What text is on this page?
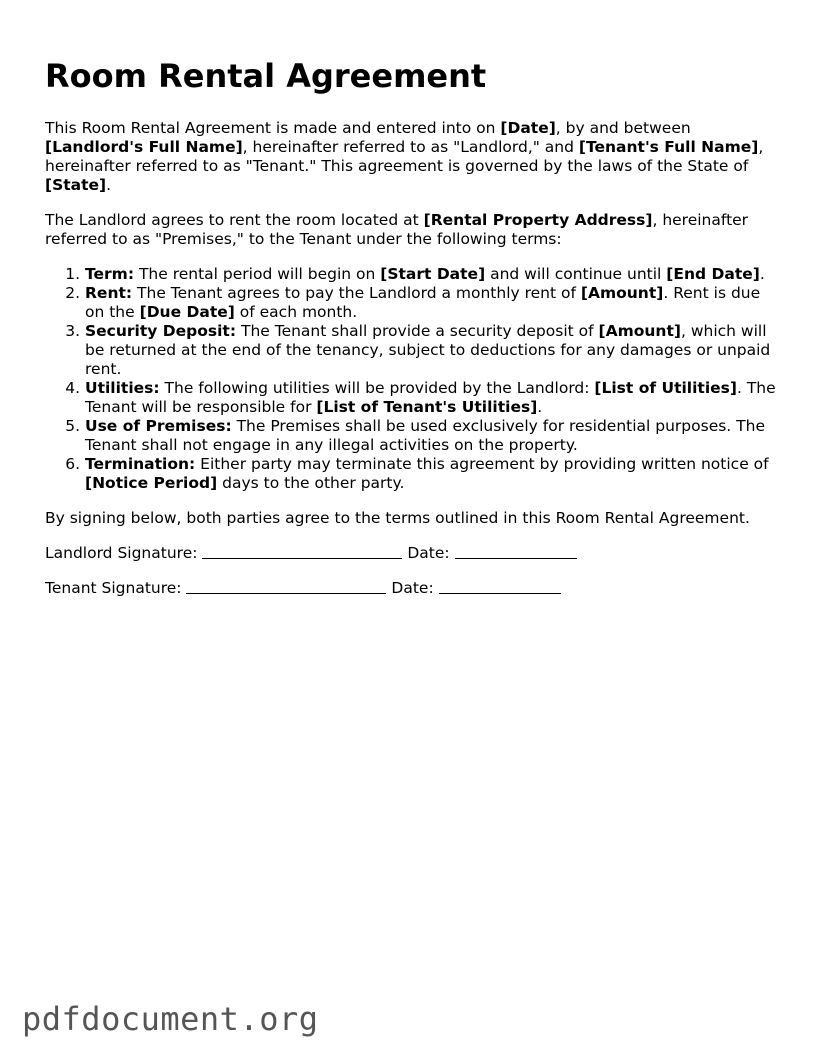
Room Rental Agreement

This Room Rental Agreement is made and entered into on [Date], by and between [Landlord's Full Name], hereinafter referred to as "Landlord," and [Tenant's Full Name], hereinafter referred to as "Tenant." This agreement is governed by the laws of the State of [State].

The Landlord agrees to rent the room located at [Rental Property Address], hereinafter referred to as "Premises," to the Tenant under the following terms:

1. Term: The rental period will begin on [Start Date] and will continue until [End Date].
2. Rent: The Tenant agrees to pay the Landlord a monthly rent of [Amount]. Rent is due on the [Due Date] of each month.
3. Security Deposit: The Tenant shall provide a security deposit of [Amount], which will be returned at the end of the tenancy, subject to deductions for any damages or unpaid rent.
4. Utilities: The following utilities will be provided by the Landlord: [List of Utilities]. The Tenant will be responsible for [List of Tenant's Utilities].
5. Use of Premises: The Premises shall be used exclusively for residential purposes. The Tenant shall not engage in any illegal activities on the property.
6. Termination: Either party may terminate this agreement by providing written notice of [Notice Period] days to the other party.

By signing below, both parties agree to the terms outlined in this Room Rental Agreement.

Landlord Signature:	Date:
Tenant Signature:	Date:
pdfdocument.org
